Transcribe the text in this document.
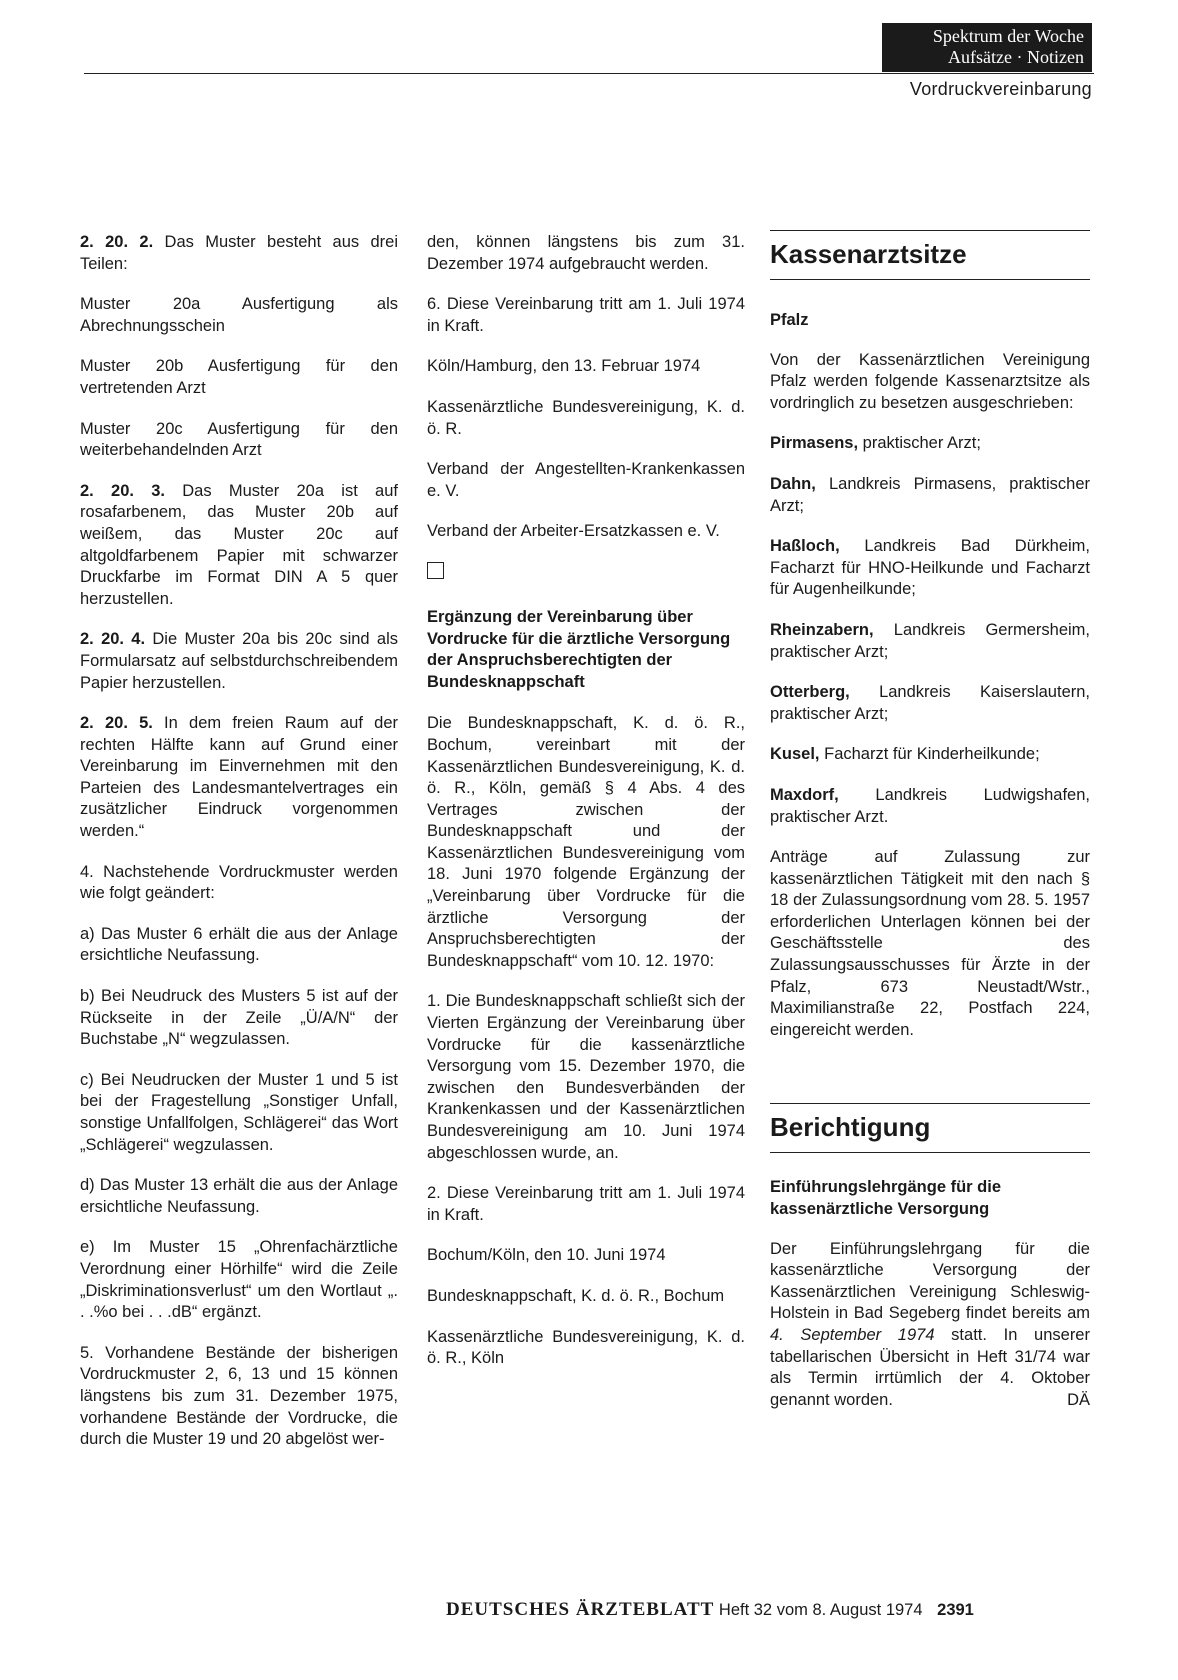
Spektrum der Woche
Aufsätze · Notizen
Vordruckvereinbarung

2. 20. 2. Das Muster besteht aus drei Teilen:

Muster 20a Ausfertigung als Abrechnungsschein

Muster 20b Ausfertigung für den vertretenden Arzt

Muster 20c Ausfertigung für den weiterbehandelnden Arzt

2. 20. 3. Das Muster 20a ist auf rosafarbenem, das Muster 20b auf weißem, das Muster 20c auf altgoldfarbenem Papier mit schwarzer Druckfarbe im Format DIN A 5 quer herzustellen.

2. 20. 4. Die Muster 20a bis 20c sind als Formularsatz auf selbstdurchschreibendem Papier herzustellen.

2. 20. 5. In dem freien Raum auf der rechten Hälfte kann auf Grund einer Vereinbarung im Einvernehmen mit den Parteien des Landesmantelvertrages ein zusätzlicher Eindruck vorgenommen werden.“

4. Nachstehende Vordruckmuster werden wie folgt geändert:

a) Das Muster 6 erhält die aus der Anlage ersichtliche Neufassung.

b) Bei Neudruck des Musters 5 ist auf der Rückseite in der Zeile „Ü/A/N“ der Buchstabe „N“ wegzulassen.

c) Bei Neudrucken der Muster 1 und 5 ist bei der Fragestellung „Sonstiger Unfall, sonstige Unfallfolgen, Schlägerei“ das Wort „Schlägerei“ wegzulassen.

d) Das Muster 13 erhält die aus der Anlage ersichtliche Neufassung.

e) Im Muster 15 „Ohrenfachärztliche Verordnung einer Hörhilfe“ wird die Zeile „Diskriminationsverlust“ um den Wortlaut „. . .%o bei . . .dB“ ergänzt.

5. Vorhandene Bestände der bisherigen Vordruckmuster 2, 6, 13 und 15 können längstens bis zum 31. Dezember 1975, vorhandene Bestände der Vordrucke, die durch die Muster 19 und 20 abgelöst wer-

den, können längstens bis zum 31. Dezember 1974 aufgebraucht werden.

6. Diese Vereinbarung tritt am 1. Juli 1974 in Kraft.

Köln/Hamburg, den 13. Februar 1974

Kassenärztliche Bundesvereinigung, K. d. ö. R.

Verband der Angestellten-Krankenkassen e. V.

Verband der Arbeiter-Ersatzkassen e. V.

Ergänzung der Vereinbarung über Vordrucke für die ärztliche Versorgung der Anspruchsberechtigten der Bundesknappschaft

Die Bundesknappschaft, K. d. ö. R., Bochum, vereinbart mit der Kassenärztlichen Bundesvereinigung, K. d. ö. R., Köln, gemäß § 4 Abs. 4 des Vertrages zwischen der Bundesknappschaft und der Kassenärztlichen Bundesvereinigung vom 18. Juni 1970 folgende Ergänzung der „Vereinbarung über Vordrucke für die ärztliche Versorgung der Anspruchsberechtigten der Bundesknappschaft“ vom 10. 12. 1970:

1. Die Bundesknappschaft schließt sich der Vierten Ergänzung der Vereinbarung über Vordrucke für die kassenärztliche Versorgung vom 15. Dezember 1970, die zwischen den Bundesverbänden der Krankenkassen und der Kassenärztlichen Bundesvereinigung am 10. Juni 1974 abgeschlossen wurde, an.

2. Diese Vereinbarung tritt am 1. Juli 1974 in Kraft.

Bochum/Köln, den 10. Juni 1974

Bundesknappschaft, K. d. ö. R., Bochum

Kassenärztliche Bundesvereinigung, K. d. ö. R., Köln

Kassenarztsitze
Pfalz

Von der Kassenärztlichen Vereinigung Pfalz werden folgende Kassenarztsitze als vordringlich zu besetzen ausgeschrieben:

Pirmasens, praktischer Arzt;

Dahn, Landkreis Pirmasens, praktischer Arzt;

Haßloch, Landkreis Bad Dürkheim, Facharzt für HNO-Heilkunde und Facharzt für Augenheilkunde;

Rheinzabern, Landkreis Germersheim, praktischer Arzt;

Otterberg, Landkreis Kaiserslautern, praktischer Arzt;

Kusel, Facharzt für Kinderheilkunde;

Maxdorf, Landkreis Ludwigshafen, praktischer Arzt.

Anträge auf Zulassung zur kassenärztlichen Tätigkeit mit den nach § 18 der Zulassungsordnung vom 28. 5. 1957 erforderlichen Unterlagen können bei der Geschäftsstelle des Zulassungsausschusses für Ärzte in der Pfalz, 673 Neustadt/Wstr., Maximilianstraße 22, Postfach 224, eingereicht werden.

Berichtigung
Einführungslehrgänge für die kassenärztliche Versorgung

Der Einführungslehrgang für die kassenärztliche Versorgung der Kassenärztlichen Vereinigung Schleswig-Holstein in Bad Segeberg findet bereits am 4. September 1974 statt. In unserer tabellarischen Übersicht in Heft 31/74 war als Termin irrtümlich der 4. Oktober genannt worden.	DÄ

DEUTSCHES ÄRZTEBLATT Heft 32 vom 8. August 1974 2391
